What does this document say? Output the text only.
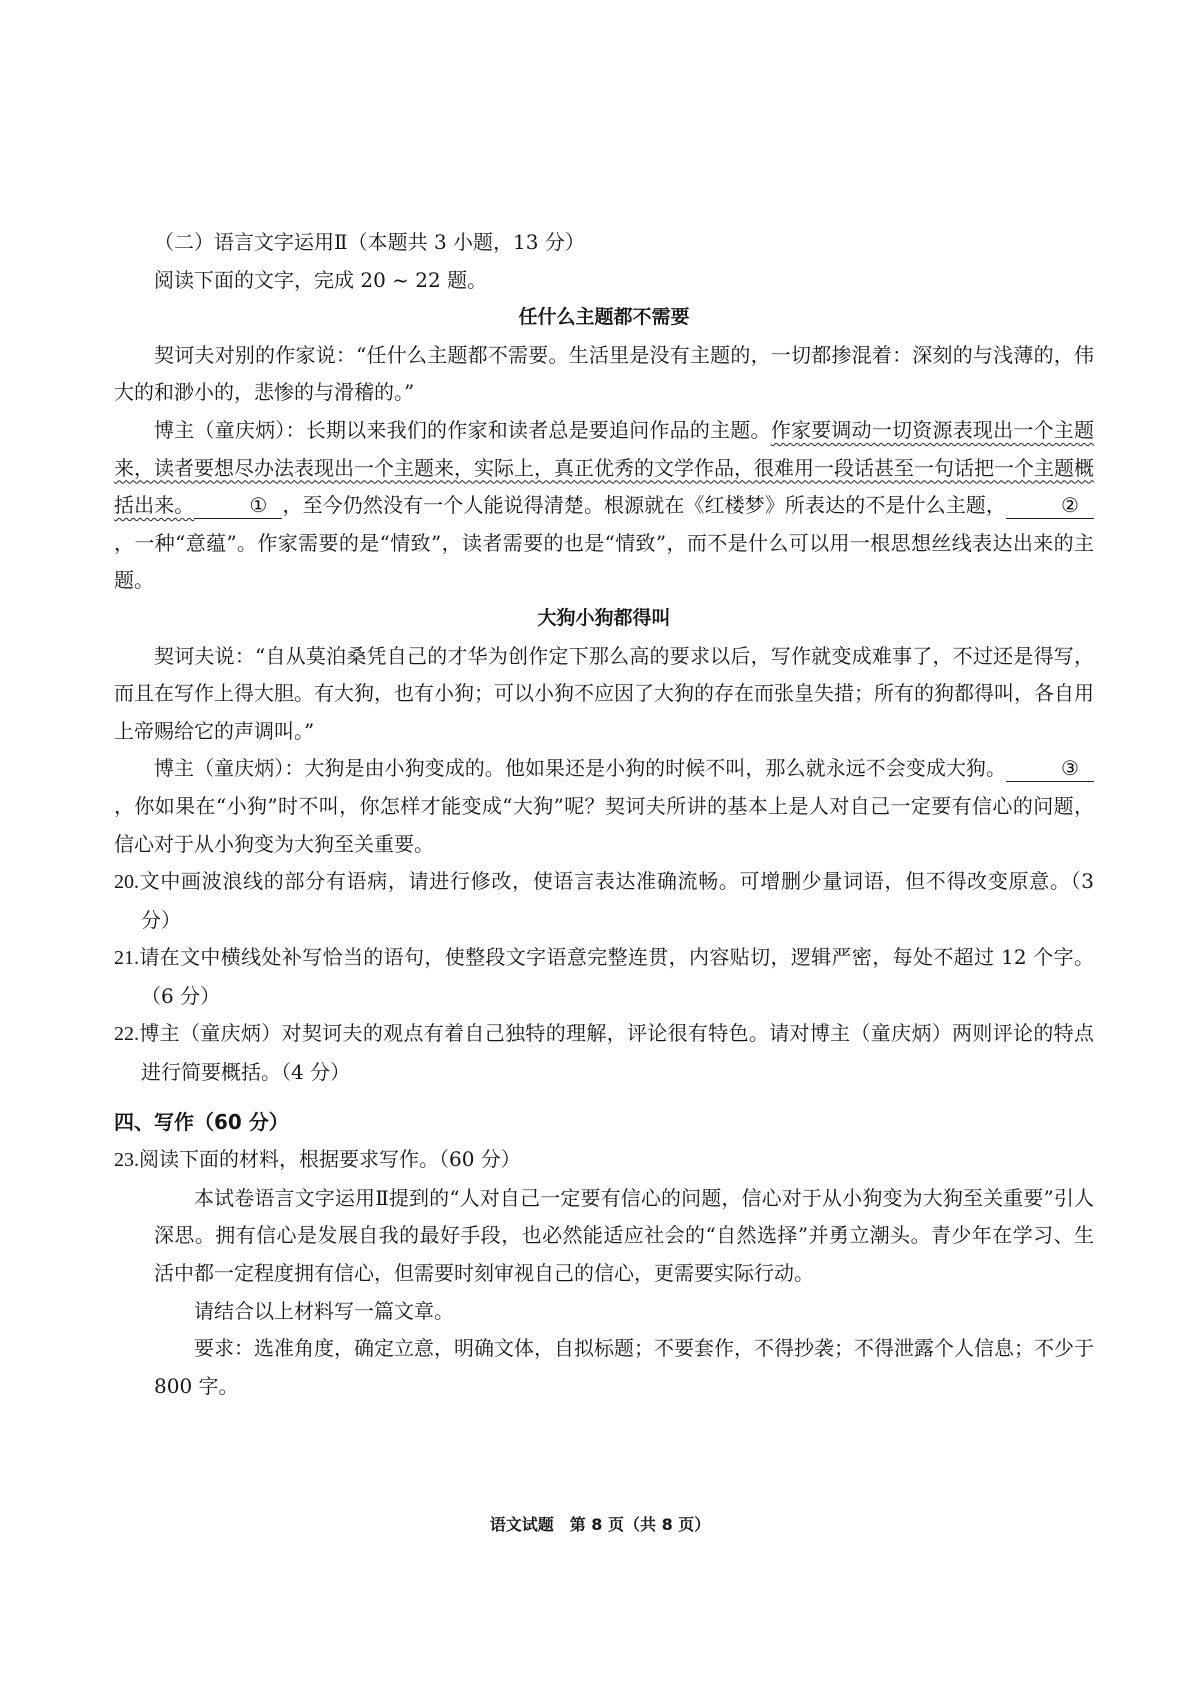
（二）语言文字运用Ⅱ（本题共 3 小题，13 分）

阅读下面的文字，完成 20 ~ 22 题。

任什么主题都不需要

契诃夫对别的作家说：“任什么主题都不需要。生活里是没有主题的，一切都掺混着：深刻的与浅薄的，伟大的和渺小的，悲惨的与滑稽的。”

博主（童庆炳）：长期以来我们的作家和读者总是要追问作品的主题。作家要调动一切资源表现出一个主题来，读者要想尽办法表现出一个主题来，实际上，真正优秀的文学作品，很难用一段话甚至一句话把一个主题概括出来。	① ，至今仍然没有一个人能说得清楚。根源就在《红楼梦》所表达的不是什么主题，	②，一种“意蕴”。作家需要的是“情致”，读者需要的也是“情致”，而不是什么可以用一根思想丝线表达出来的主题。

大狗小狗都得叫

契诃夫说：“自从莫泊桑凭自己的才华为创作定下那么高的要求以后，写作就变成难事了，不过还是得写，而且在写作上得大胆。有大狗，也有小狗；可以小狗不应因了大狗的存在而张皇失措；所有的狗都得叫，各自用上帝赐给它的声调叫。”

博主（童庆炳）：大狗是由小狗变成的。他如果还是小狗的时候不叫，那么就永远不会变成大狗。	③，你如果在“小狗”时不叫，你怎样才能变成“大狗”呢？契诃夫所讲的基本上是人对自己一定要有信心的问题，信心对于从小狗变为大狗至关重要。

20.文中画波浪线的部分有语病，请进行修改，使语言表达准确流畅。可增删少量词语，但不得改变原意。（3 分）

21.请在文中横线处补写恰当的语句，使整段文字语意完整连贯，内容贴切，逻辑严密，每处不超过 12 个字。（6 分）

22.博主（童庆炳）对契诃夫的观点有着自己独特的理解，评论很有特色。请对博主（童庆炳）两则评论的特点进行简要概括。（4 分）

四、写作（60 分）

23.阅读下面的材料，根据要求写作。（60 分）

本试卷语言文字运用Ⅱ提到的“人对自己一定要有信心的问题，信心对于从小狗变为大狗至关重要”引人深思。拥有信心是发展自我的最好手段，也必然能适应社会的“自然选择”并勇立潮头。青少年在学习、生活中都一定程度拥有信心，但需要时刻审视自己的信心，更需要实际行动。

请结合以上材料写一篇文章。

要求：选准角度，确定立意，明确文体，自拟标题；不要套作，不得抄袭；不得泄露个人信息；不少于 800 字。

语文试题　第 8 页（共 8 页）
